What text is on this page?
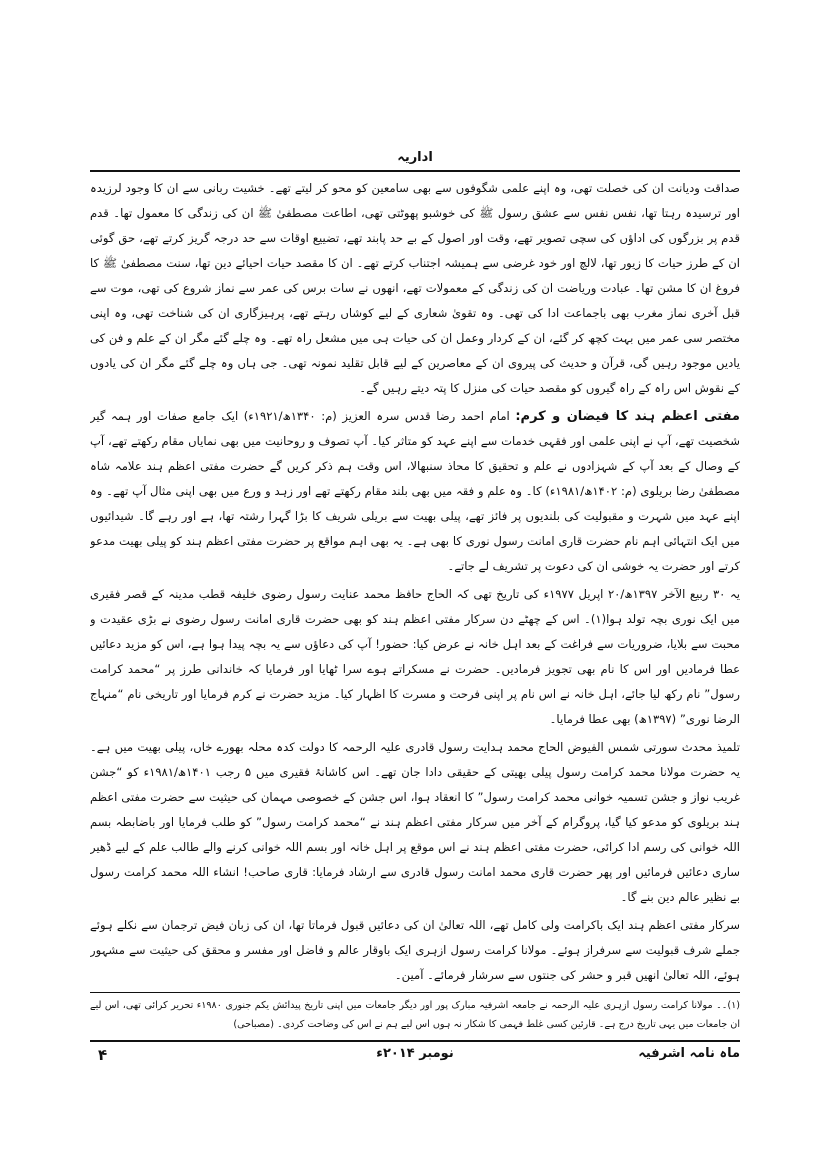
اداریہ

صداقت ودیانت ان کی خصلت تھی، وہ اپنے علمی شگوفوں سے بھی سامعین کو محو کر لیتے تھے۔ خشیت ربانی سے ان کا وجود لرزیدہ اور ترسیدہ رہتا تھا، نفس نفس سے عشق رسول ﷺ کی خوشبو پھوٹتی تھی، اطاعت مصطفیٰ ﷺ ان کی زندگی کا معمول تھا۔ قدم قدم پر بزرگوں کی اداؤں کی سچی تصویر تھے، وقت اور اصول کے بے حد پابند تھے، تضییع اوقات سے حد درجہ گریز کرتے تھے، حق گوئی ان کے طرز حیات کا زیور تھا، لالچ اور خود غرضی سے ہمیشہ اجتناب کرتے تھے۔ ان کا مقصد حیات احیائے دین تھا، سنت مصطفیٰ ﷺ کا فروغ ان کا مشن تھا۔ عبادت وریاضت ان کی زندگی کے معمولات تھے، انھوں نے سات برس کی عمر سے نماز شروع کی تھی، موت سے قبل آخری نماز مغرب بھی باجماعت ادا کی تھی۔ وہ تقویٰ شعاری کے لیے کوشاں رہتے تھے، پرہیزگاری ان کی شناخت تھی، وہ اپنی مختصر سی عمر میں بہت کچھ کر گئے، ان کے کردار وعمل ان کی حیات ہی میں مشعل راہ تھے۔ وہ چلے گئے مگر ان کے علم و فن کی یادیں موجود رہیں گی، قرآن و حدیث کی پیروی ان کے معاصرین کے لیے قابل تقلید نمونہ تھی۔ جی ہاں وہ چلے گئے مگر ان کی یادوں کے نقوش اس راہ کے راہ گیروں کو مقصد حیات کی منزل کا پتہ دیتے رہیں گے۔

مفتی اعظم ہند کا فیضان و کرم: امام احمد رضا قدس سرہ العزیز (م: ۱۳۴۰ھ/۱۹۲۱ء) ایک جامع صفات اور ہمہ گیر شخصیت تھے، آپ نے اپنی علمی اور فقہی خدمات سے اپنے عہد کو متاثر کیا۔ آپ تصوف و روحانیت میں بھی نمایاں مقام رکھتے تھے، آپ کے وصال کے بعد آپ کے شہزادوں نے علم و تحقیق کا محاذ سنبھالا، اس وقت ہم ذکر کریں گے حضرت مفتی اعظم ہند علامہ شاہ مصطفیٰ رضا بریلوی (م: ۱۴۰۲ھ/۱۹۸۱ء) کا۔ وہ علم و فقہ میں بھی بلند مقام رکھتے تھے اور زہد و ورع میں بھی اپنی مثال آپ تھے۔ وہ اپنے عہد میں شہرت و مقبولیت کی بلندیوں پر فائز تھے، پیلی بھیت سے بریلی شریف کا بڑا گہرا رشتہ تھا، ہے اور رہے گا۔ شیدائیوں میں ایک انتہائی اہم نام حضرت قاری امانت رسول نوری کا بھی ہے۔ یہ بھی اہم مواقع پر حضرت مفتی اعظم ہند کو پیلی بھیت مدعو کرتے اور حضرت یہ خوشی ان کی دعوت پر تشریف لے جاتے۔

یہ ۳۰ ربیع الآخر ۱۳۹۷ھ/۲۰ اپریل ۱۹۷۷ء کی تاریخ تھی کہ الحاج حافظ محمد عنایت رسول رضوی خلیفہ قطب مدینہ کے قصر فقیری میں ایک نوری بچہ تولد ہوا(۱)۔ اس کے چھٹے دن سرکار مفتی اعظم ہند کو بھی حضرت قاری امانت رسول رضوی نے بڑی عقیدت و محبت سے بلایا، ضروریات سے فراغت کے بعد اہل خانہ نے عرض کیا: حضور! آپ کی دعاؤں سے یہ بچہ پیدا ہوا ہے، اس کو مزید دعائیں عطا فرمادیں اور اس کا نام بھی تجویز فرمادیں۔ حضرت نے مسکراتے ہوے سرا ٹھایا اور فرمایا کہ خاندانی طرز پر “محمد کرامت رسول” نام رکھ لیا جائے، اہل خانہ نے اس نام پر اپنی فرحت و مسرت کا اظہار کیا۔ مزید حضرت نے کرم فرمایا اور تاریخی نام “منہاج الرضا نوری” (۱۳۹۷ھ) بھی عطا فرمایا۔

تلمیذ محدث سورتی شمس الفیوض الحاج محمد ہدایت رسول قادری علیہ الرحمہ کا دولت کدہ محلہ بھورے خاں، پیلی بھیت میں ہے۔ یہ حضرت مولانا محمد کرامت رسول پیلی بھیتی کے حقیقی دادا جان تھے۔ اس کاشانۂ فقیری میں ۵ رجب ۱۴۰۱ھ/۱۹۸۱ء کو “جشن غریب نواز و جشن تسمیہ خوانی محمد کرامت رسول” کا انعقاد ہوا، اس جشن کے خصوصی مہمان کی حیثیت سے حضرت مفتی اعظم ہند بریلوی کو مدعو کیا گیا، پروگرام کے آخر میں سرکار مفتی اعظم ہند نے “محمد کرامت رسول” کو طلب فرمایا اور باضابطہ بسم اللہ خوانی کی رسم ادا کرائی، حضرت مفتی اعظم ہند نے اس موقع پر اہل خانہ اور بسم اللہ خوانی کرنے والے طالب علم کے لیے ڈھیر ساری دعائیں فرمائیں اور پھر حضرت قاری محمد امانت رسول قادری سے ارشاد فرمایا: قاری صاحب! انشاء اللہ محمد کرامت رسول بے نظیر عالم دین بنے گا۔

سرکار مفتی اعظم ہند ایک باکرامت ولی کامل تھے، اللہ تعالیٰ ان کی دعائیں قبول فرماتا تھا، ان کی زبان فیض ترجمان سے نکلے ہوئے جملے شرف قبولیت سے سرفراز ہوئے۔ مولانا کرامت رسول ازہری ایک باوقار عالم و فاضل اور مفسر و محقق کی حیثیت سے مشہور ہوئے، اللہ تعالیٰ انھیں قبر و حشر کی جنتوں سے سرشار فرمائے۔ آمین۔

(۱)۔۔ مولانا کرامت رسول ازہری علیہ الرحمہ نے جامعہ اشرفیہ مبارک پور اور دیگر جامعات میں اپنی تاریخ پیدائش یکم جنوری ۱۹۸۰ء تحریر کرائی تھی، اس لیے ان جامعات میں یہی تاریخ درج ہے۔ قارئین کسی غلط فہمی کا شکار نہ ہوں اس لیے ہم نے اس کی وضاحت کردی۔ (مصباحی)
ماہ نامہ اشرفیہ
نومبر ۲۰۱۴ء
۴
